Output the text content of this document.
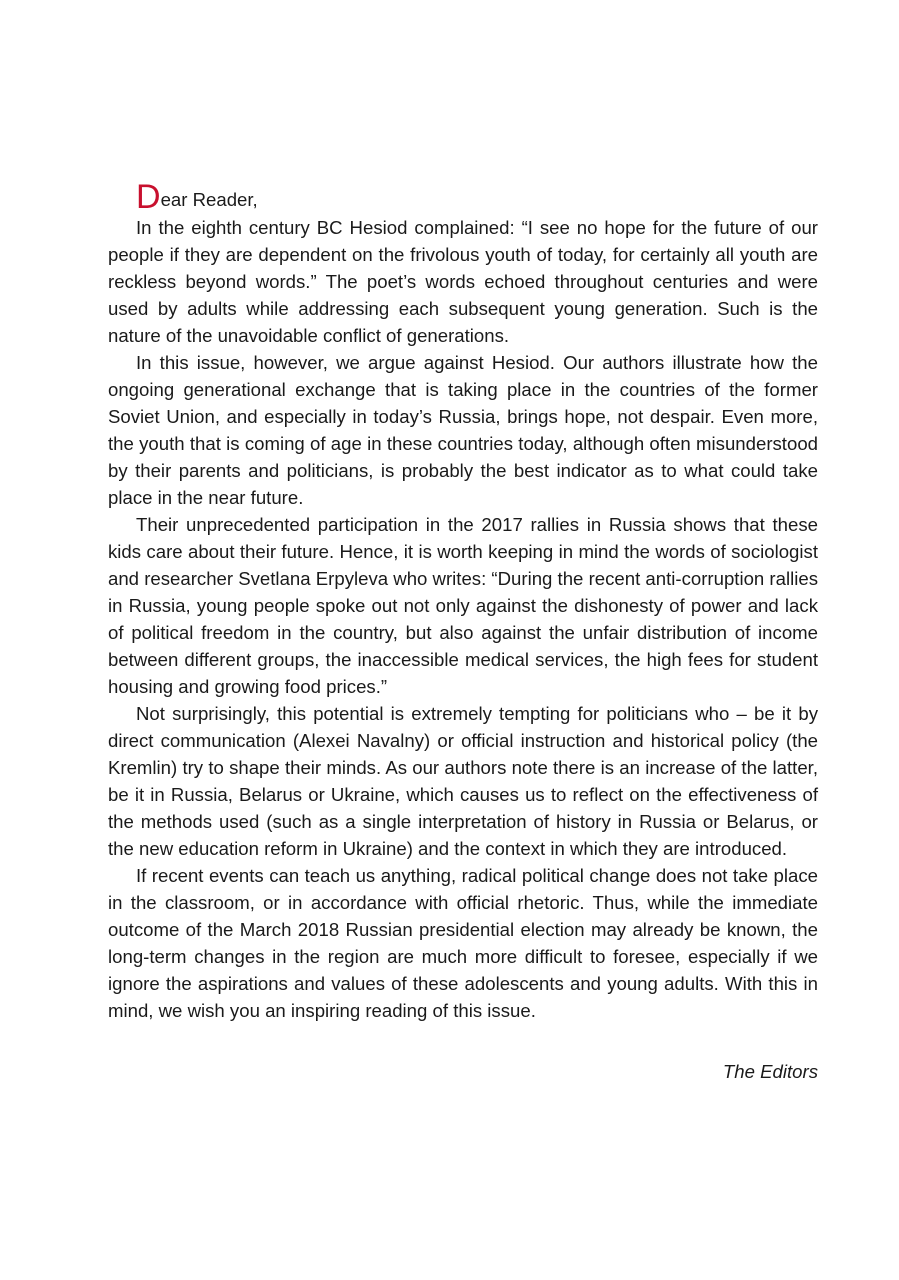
D ear Reader,

In the eighth century BC Hesiod complained: “I see no hope for the future of our people if they are dependent on the frivolous youth of today, for certainly all youth are reckless beyond words.” The poet’s words echoed throughout centuries and were used by adults while addressing each subsequent young generation. Such is the nature of the unavoidable conflict of generations.

In this issue, however, we argue against Hesiod. Our authors illustrate how the ongoing generational exchange that is taking place in the countries of the former Soviet Union, and especially in today’s Russia, brings hope, not despair. Even more, the youth that is coming of age in these countries today, although often misunderstood by their parents and politicians, is probably the best indicator as to what could take place in the near future.

Their unprecedented participation in the 2017 rallies in Russia shows that these kids care about their future. Hence, it is worth keeping in mind the words of sociologist and researcher Svetlana Erpyleva who writes: “During the recent anti-corruption rallies in Russia, young people spoke out not only against the dishonesty of power and lack of political freedom in the country, but also against the unfair distribution of income between different groups, the inaccessible medical services, the high fees for student housing and growing food prices.”

Not surprisingly, this potential is extremely tempting for politicians who – be it by direct communication (Alexei Navalny) or official instruction and historical policy (the Kremlin) try to shape their minds. As our authors note there is an increase of the latter, be it in Russia, Belarus or Ukraine, which causes us to reflect on the effectiveness of the methods used (such as a single interpretation of history in Russia or Belarus, or the new education reform in Ukraine) and the context in which they are introduced.

If recent events can teach us anything, radical political change does not take place in the classroom, or in accordance with official rhetoric. Thus, while the immediate outcome of the March 2018 Russian presidential election may already be known, the long-term changes in the region are much more difficult to foresee, especially if we ignore the aspirations and values of these adolescents and young adults. With this in mind, we wish you an inspiring reading of this issue.

The Editors
